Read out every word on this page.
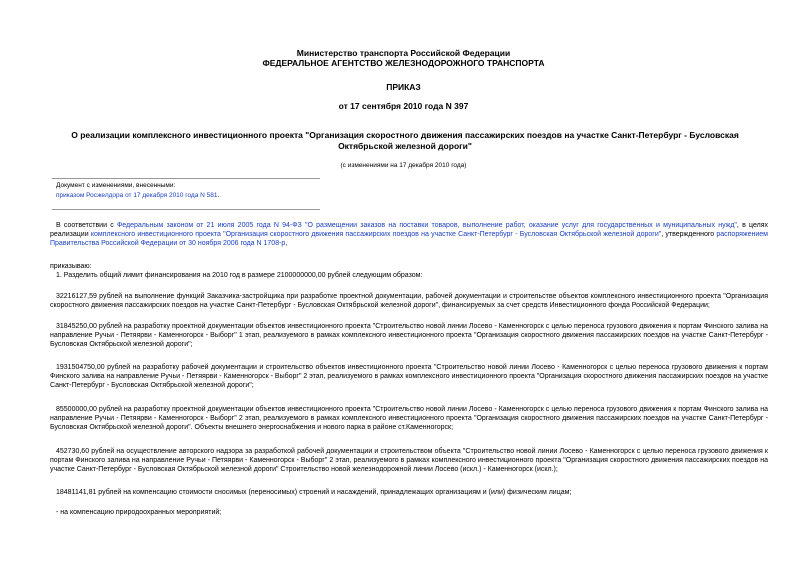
Министерство транспорта Российской Федерации
ФЕДЕРАЛЬНОЕ АГЕНТСТВО ЖЕЛЕЗНОДОРОЖНОГО ТРАНСПОРТА
ПРИКАЗ
от 17 сентября 2010 года N 397
О реализации комплексного инвестиционного проекта "Организация скоростного движения пассажирских поездов на участке Санкт-Петербург - Бусловская Октябрьской железной дороги"
(с изменениями на 17 декабря 2010 года)
Документ с изменениями, внесенными:
приказом Росжелдора от 17 декабря 2010 года N 581.
В соответствии с Федеральным законом от 21 июля 2005 года N 94-ФЗ "О размещении заказов на поставки товаров, выполнение работ, оказание услуг для государственных и муниципальных нужд", в целях реализации комплексного инвестиционного проекта "Организация скоростного движения пассажирских поездов на участке Санкт-Петербург - Бусловская Октябрьской железной дороги", утвержденного распоряжением Правительства Российской Федерации от 30 ноября 2006 года N 1708-р,
приказываю:
1. Разделить общий лимит финансирования на 2010 год в размере 2100000000,00 рублей следующим образом:
32216127,59 рублей на выполнение функций Заказчика-застройщика при разработке проектной документации, рабочей документации и строительстве объектов комплексного инвестиционного проекта "Организация скоростного движения пассажирских поездов на участке Санкт-Петербург - Бусловская Октябрьской железной дороги", финансируемых за счет средств Инвестиционного фонда Российской Федерации;
31845250,00 рублей на разработку проектной документации объектов инвестиционного проекта "Строительство новой линии Лосево - Каменногорск с целью переноса грузового движения к портам Финского залива на направление Ручьи - Петяярви - Каменногорск - Выборг" 1 этап, реализуемого в рамках комплексного инвестиционного проекта "Организация скоростного движения пассажирских поездов на участке Санкт-Петербург - Бусловская Октябрьской железной дороги";
1931504750,00 рублей на разработку рабочей документации и строительство объектов инвестиционного проекта "Строительство новой линии Лосево - Каменногорск с целью переноса грузового движения к портам Финского залива на направление Ручьи - Петяярви - Каменногорск - Выборг" 2 этап, реализуемого в рамках комплексного инвестиционного проекта "Организация скоростного движения пассажирских поездов на участке Санкт-Петербург - Бусловская Октябрьской железной дороги";
85500000,00 рублей на разработку проектной документации объектов инвестиционного проекта "Строительство новой линии Лосево - Каменногорск с целью переноса грузового движения к портам Финского залива на направление Ручьи - Петяярви - Каменногорск - Выборг" 2 этап, реализуемого в рамках комплексного инвестиционного проекта "Организация скоростного движения пассажирских поездов на участке Санкт-Петербург - Бусловская Октябрьской железной дороги". Объекты внешнего энергоснабжения и нового парка в районе ст.Каменногорск;
452730,60 рублей на осуществление авторского надзора за разработкой рабочей документации и строительством объекта "Строительство новой линии Лосево - Каменногорск с целью переноса грузового движения к портам Финского залива на направление Ручьи - Петяярви - Каменногорск - Выборг" 2 этап, реализуемого в рамках комплексного инвестиционного проекта "Организация скоростного движения пассажирских поездов на участке Санкт-Петербург - Бусловская Октябрьской железной дороги" Строительство новой железнодорожной линии Лосево (искл.) - Каменногорск (искл.);
18481141,81 рублей на компенсацию стоимости сносимых (переносимых) строений и насаждений, принадлежащих организациям и (или) физическим лицам;
- на компенсацию природоохранных мероприятий;
